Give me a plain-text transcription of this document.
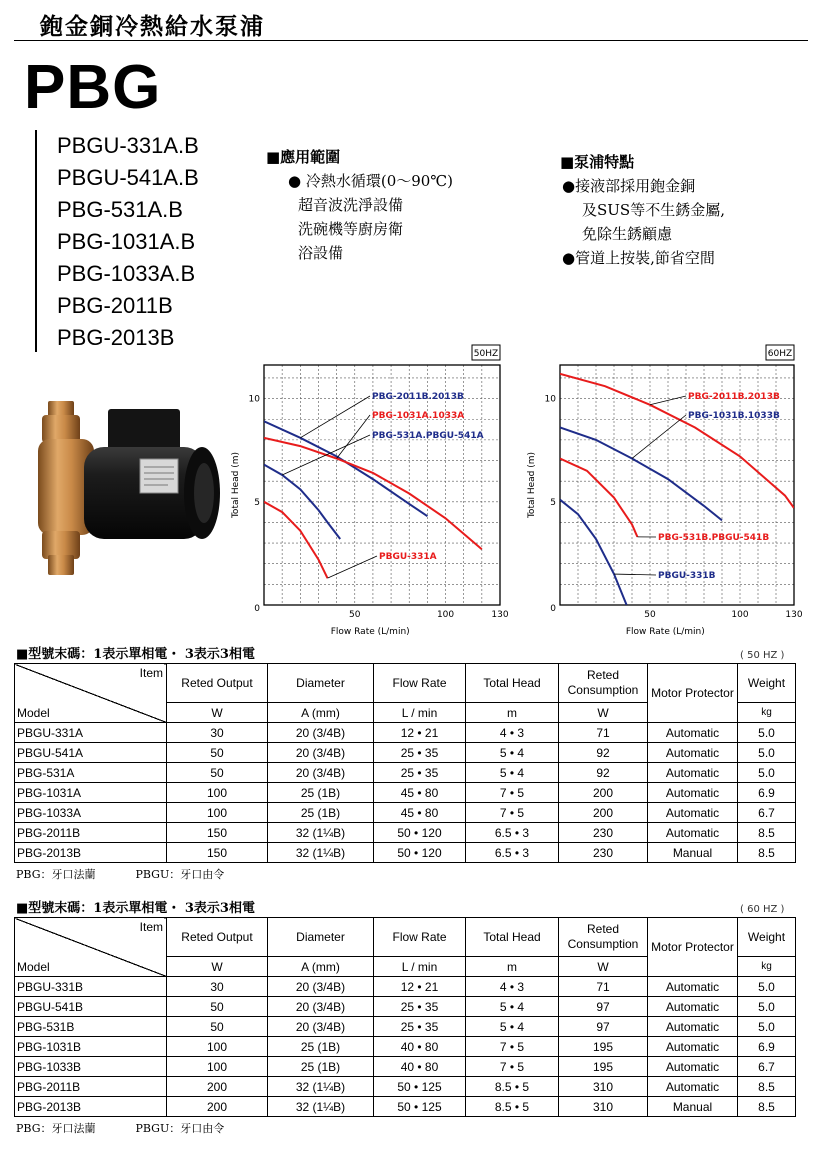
鉋金銅冷熱給水泵浦
PBG
PBGU-331A.B
PBGU-541A.B
PBG-531A.B
PBG-1031A.B
PBG-1033A.B
PBG-2011B
PBG-2013B
■應用範圍
● 冷熱水循環(0～90℃)
超音波洗淨設備
洗碗機等廚房衛
浴設備
■泵浦特點
●接液部採用鉋金銅
及SUS等不生銹金屬,
免除生銹顧慮
●管道上按裝,節省空間
50HZ
50	100	130
0
5
10
Flow Rate (L/min)
Total Head (m)
PBG-2011B.2013B
PBG-1031A.1033A
PBG-531A.PBGU-541A
PBGU-331A
60HZ
50	100	130
0
5
10
Flow Rate (L/min)
Total Head (m)
PBG-2011B.2013B
PBG-1031B.1033B
PBG-531B.PBGU-541B
PBGU-331B
■型號末碼：1表示單相電・ 3表示3相電	( 50 HZ )
Item
Model	Reted Output	Diameter	Flow Rate	Total Head	Reted Consumption	Motor Protector	Weight
	W	A (mm)	L / min	m	W		kg
PBGU-331A	30	20 (3/4B)	12 • 21	4 • 3	71	Automatic	5.0
PBGU-541A	50	20 (3/4B)	25 • 35	5 • 4	92	Automatic	5.0
PBG-531A	50	20 (3/4B)	25 • 35	5 • 4	92	Automatic	5.0
PBG-1031A	100	25 (1B)	45 • 80	7 • 5	200	Automatic	6.9
PBG-1033A	100	25 (1B)	45 • 80	7 • 5	200	Automatic	6.7
PBG-2011B	150	32 (1¼B)	50 • 120	6.5 • 3	230	Automatic	8.5
PBG-2013B	150	32 (1¼B)	50 • 120	6.5 • 3	230	Manual	8.5
PBG：牙口法蘭	PBGU：牙口由令
■型號末碼：1表示單相電・ 3表示3相電	( 60 HZ )
Item
Model	Reted Output	Diameter	Flow Rate	Total Head	Reted Consumption	Motor Protector	Weight
	W	A (mm)	L / min	m	W		kg
PBGU-331B	30	20 (3/4B)	12 • 21	4 • 3	71	Automatic	5.0
PBGU-541B	50	20 (3/4B)	25 • 35	5 • 4	97	Automatic	5.0
PBG-531B	50	20 (3/4B)	25 • 35	5 • 4	97	Automatic	5.0
PBG-1031B	100	25 (1B)	40 • 80	7 • 5	195	Automatic	6.9
PBG-1033B	100	25 (1B)	40 • 80	7 • 5	195	Automatic	6.7
PBG-2011B	200	32 (1¼B)	50 • 125	8.5 • 5	310	Automatic	8.5
PBG-2013B	200	32 (1¼B)	50 • 125	8.5 • 5	310	Manual	8.5
PBG：牙口法蘭	PBGU：牙口由令
